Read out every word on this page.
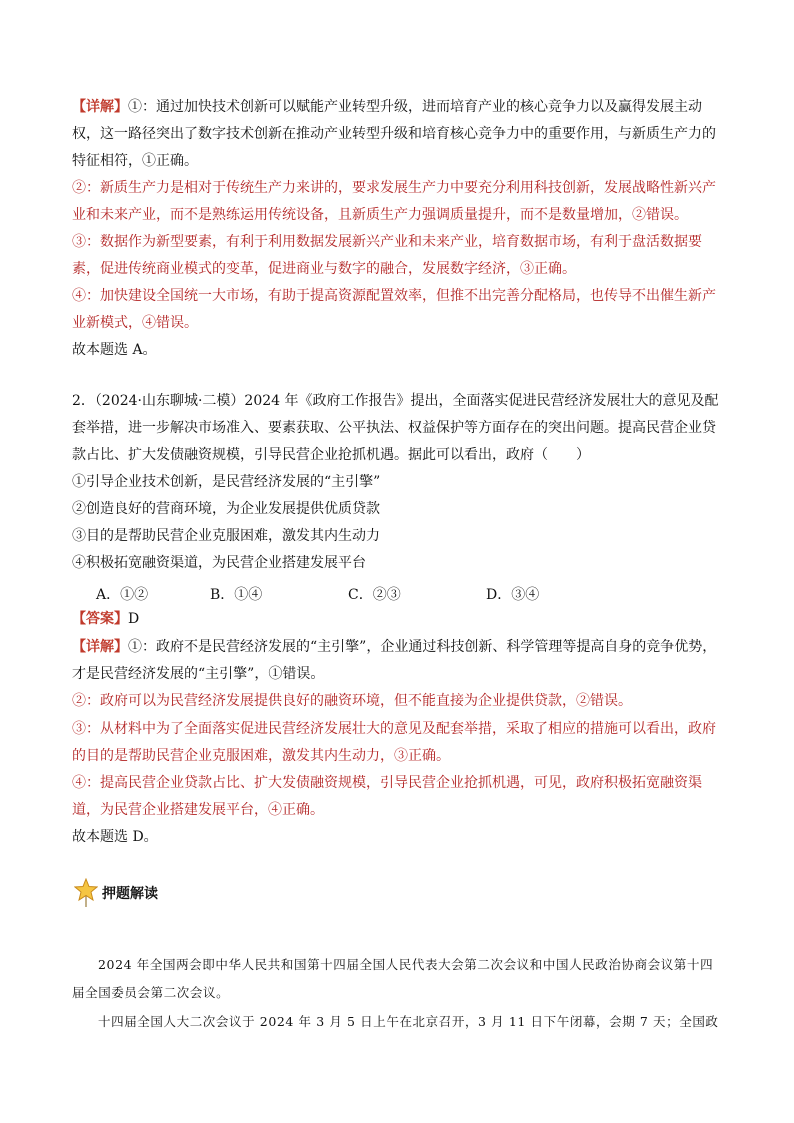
【详解】①：通过加快技术创新可以赋能产业转型升级，进而培育产业的核心竞争力以及赢得发展主动权，这一路径突出了数字技术创新在推动产业转型升级和培育核心竞争力中的重要作用，与新质生产力的特征相符，①正确。

②：新质生产力是相对于传统生产力来讲的，要求发展生产力中要充分利用科技创新，发展战略性新兴产业和未来产业，而不是熟练运用传统设备，且新质生产力强调质量提升，而不是数量增加，②错误。

③：数据作为新型要素，有利于利用数据发展新兴产业和未来产业，培育数据市场，有利于盘活数据要素，促进传统商业模式的变革，促进商业与数字的融合，发展数字经济，③正确。

④：加快建设全国统一大市场，有助于提高资源配置效率，但推不出完善分配格局，也传导不出催生新产业新模式，④错误。

故本题选 A。

2．（2024·山东聊城·二模）2024 年《政府工作报告》提出，全面落实促进民营经济发展壮大的意见及配套举措，进一步解决市场准入、要素获取、公平执法、权益保护等方面存在的突出问题。提高民营企业贷款占比、扩大发债融资规模，引导民营企业抢抓机遇。据此可以看出，政府（　　）

①引导企业技术创新，是民营经济发展的“主引擎”

②创造良好的营商环境，为企业发展提供优质贷款

③目的是帮助民营企业克服困难，激发其内生动力

④积极拓宽融资渠道，为民营企业搭建发展平台

A．①②	B．①④	C．②③	D．③④

【答案】D

【详解】①：政府不是民营经济发展的“主引擎”，企业通过科技创新、科学管理等提高自身的竞争优势，才是民营经济发展的“主引擎”，①错误。

②：政府可以为民营经济发展提供良好的融资环境，但不能直接为企业提供贷款，②错误。

③：从材料中为了全面落实促进民营经济发展壮大的意见及配套举措，采取了相应的措施可以看出，政府的目的是帮助民营企业克服困难，激发其内生动力，③正确。

④：提高民营企业贷款占比、扩大发债融资规模，引导民营企业抢抓机遇，可见，政府积极拓宽融资渠道，为民营企业搭建发展平台，④正确。

故本题选 D。

押题解读

2024 年全国两会即中华人民共和国第十四届全国人民代表大会第二次会议和中国人民政治协商会议第十四届全国委员会第二次会议。

十四届全国人大二次会议于 2024 年 3 月 5 日上午在北京召开，3 月 11 日下午闭幕，会期 7 天；全国政
